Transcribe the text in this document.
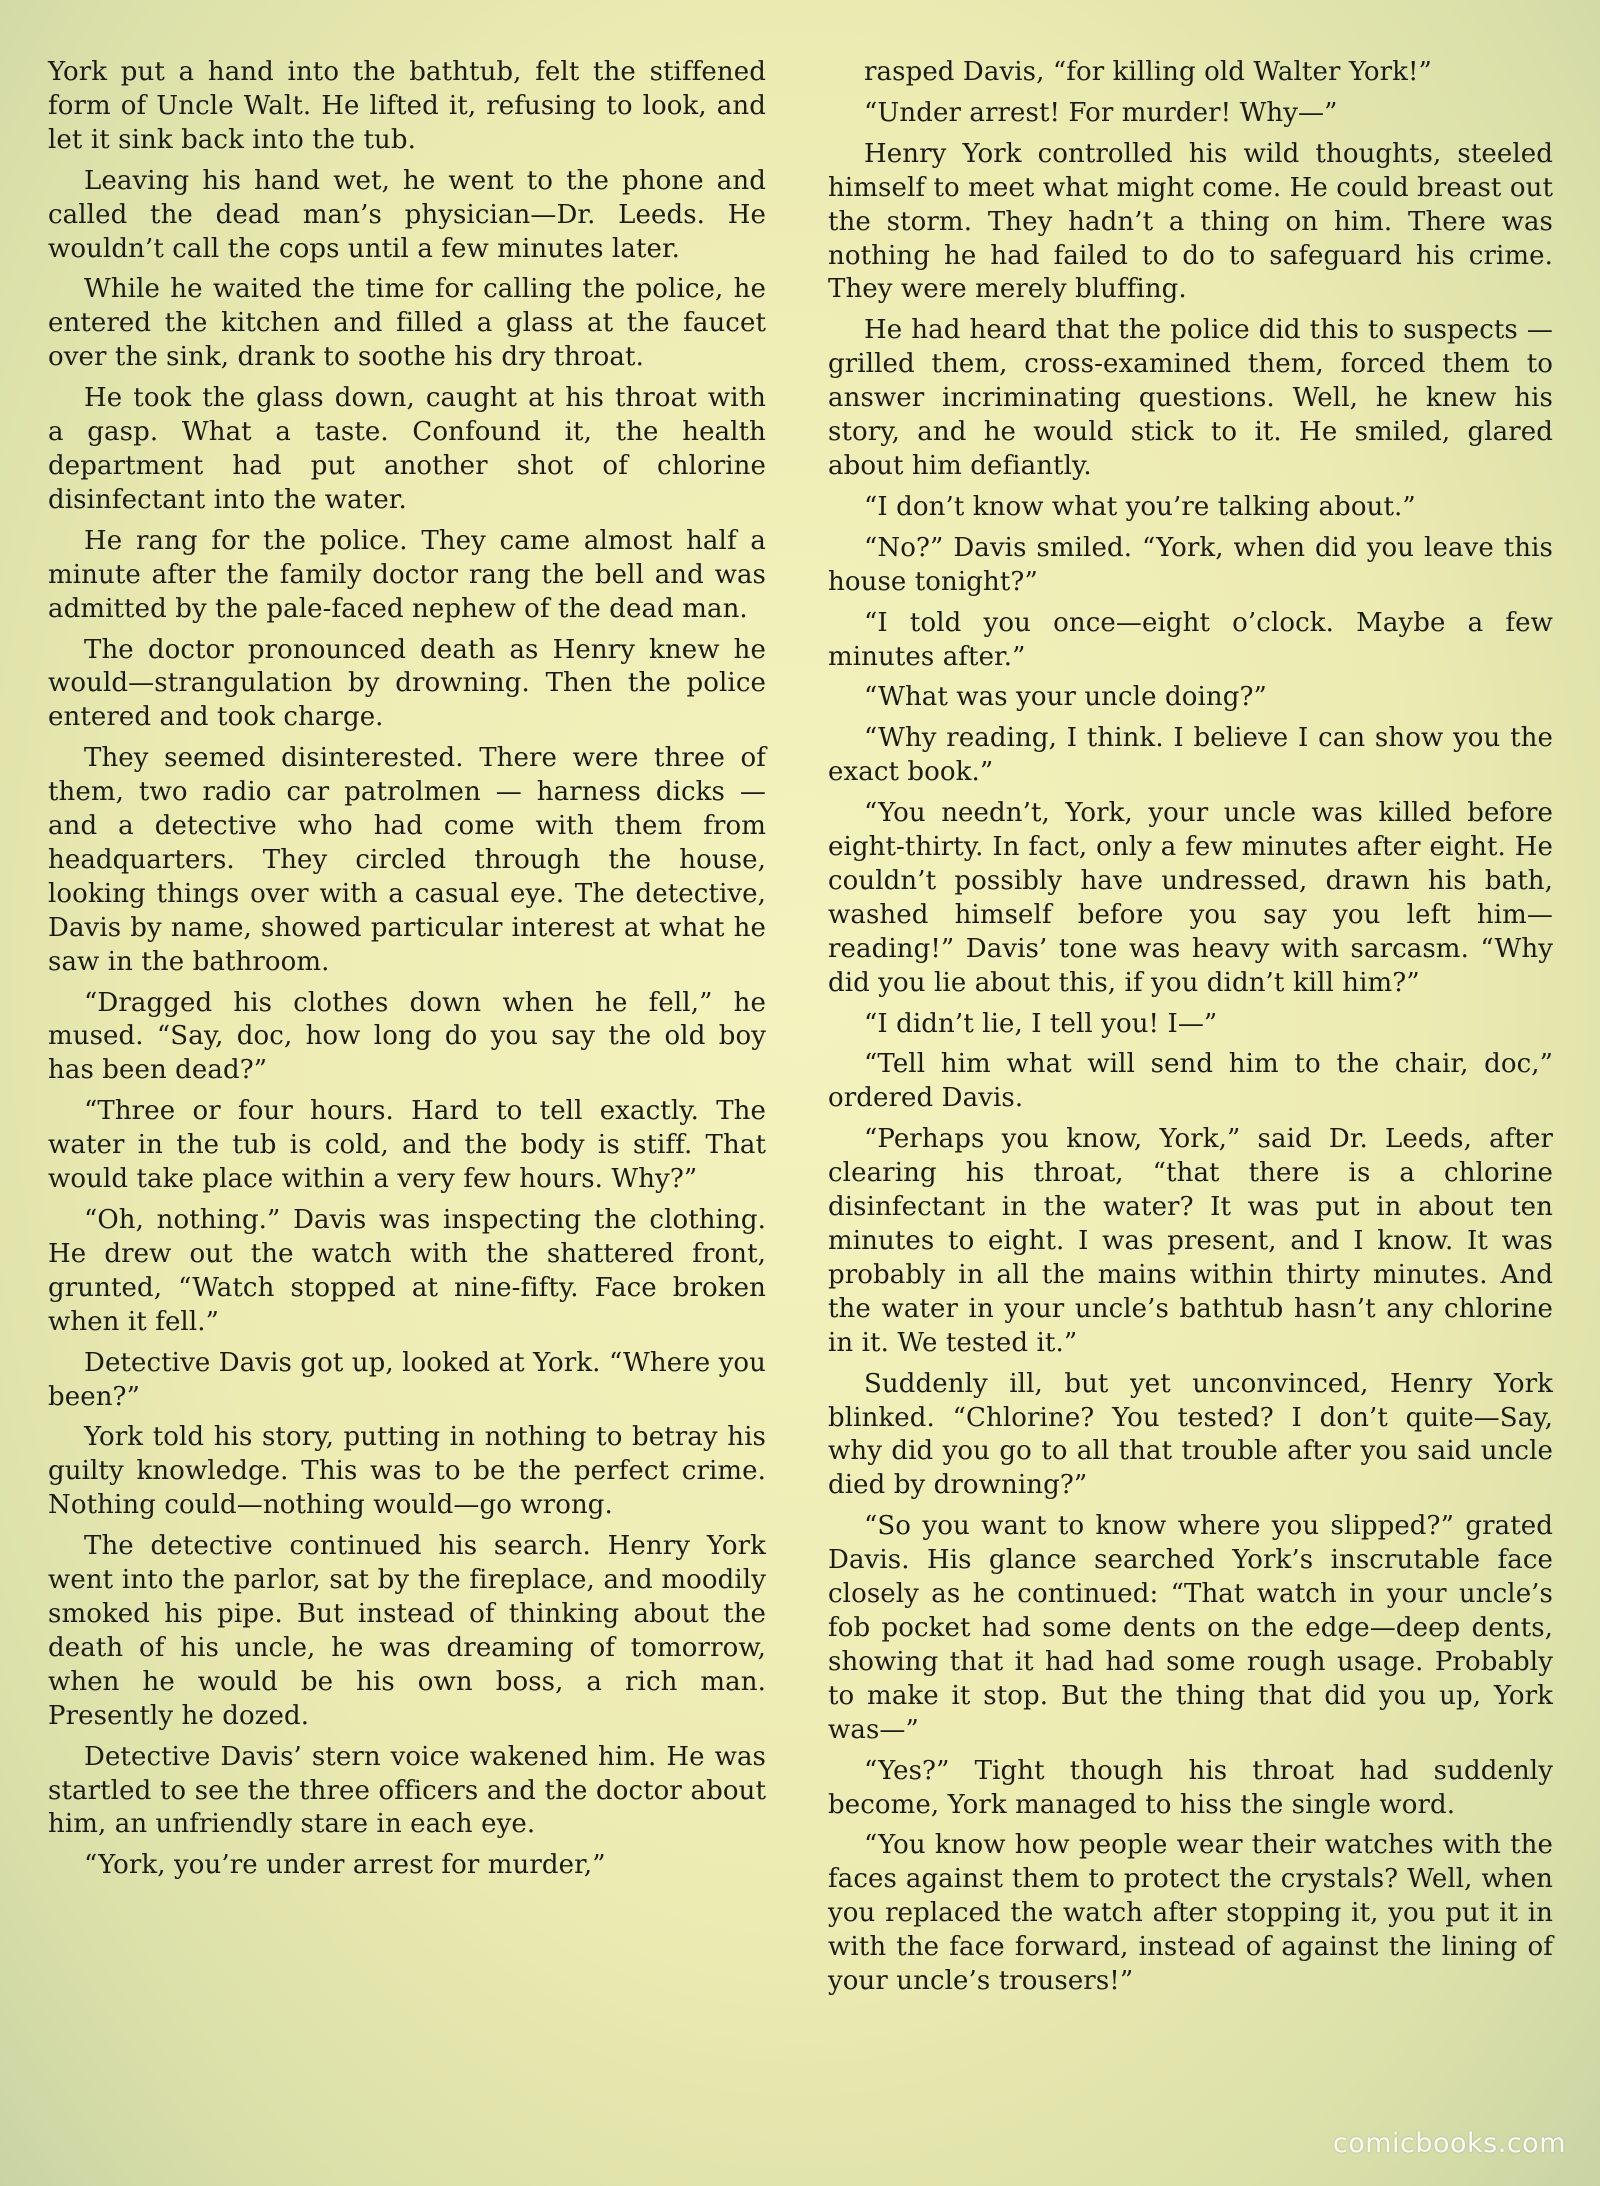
York put a hand into the bathtub, felt the stiffened form of Uncle Walt. He lifted it, refusing to look, and let it sink back into the tub.

Leaving his hand wet, he went to the phone and called the dead man’s physician—Dr. Leeds. He wouldn’t call the cops until a few minutes later.

While he waited the time for calling the police, he entered the kitchen and filled a glass at the faucet over the sink, drank to soothe his dry throat.

He took the glass down, caught at his throat with a gasp. What a taste. Confound it, the health department had put another shot of chlorine disinfectant into the water.

He rang for the police. They came almost half a minute after the family doctor rang the bell and was admitted by the pale-faced nephew of the dead man.

The doctor pronounced death as Henry knew he would—strangulation by drowning. Then the police entered and took charge.

They seemed disinterested. There were three of them, two radio car patrolmen — harness dicks — and a detective who had come with them from headquarters. They circled through the house, looking things over with a casual eye. The detective, Davis by name, showed particular interest at what he saw in the bathroom.

“Dragged his clothes down when he fell,” he mused. “Say, doc, how long do you say the old boy has been dead?”

“Three or four hours. Hard to tell exactly. The water in the tub is cold, and the body is stiff. That would take place within a very few hours. Why?”

“Oh, nothing.” Davis was inspecting the clothing. He drew out the watch with the shattered front, grunted, “Watch stopped at nine-fifty. Face broken when it fell.”

Detective Davis got up, looked at York. “Where you been?”

York told his story, putting in nothing to betray his guilty knowledge. This was to be the perfect crime. Nothing could—nothing would—go wrong.

The detective continued his search. Henry York went into the parlor, sat by the fireplace, and moodily smoked his pipe. But instead of thinking about the death of his uncle, he was dreaming of tomorrow, when he would be his own boss, a rich man. Presently he dozed.

Detective Davis’ stern voice wakened him. He was startled to see the three officers and the doctor about him, an unfriendly stare in each eye.

“York, you’re under arrest for murder,”

rasped Davis, “for killing old Walter York!”

“Under arrest! For murder! Why—”

Henry York controlled his wild thoughts, steeled himself to meet what might come. He could breast out the storm. They hadn’t a thing on him. There was nothing he had failed to do to safeguard his crime. They were merely bluffing.

He had heard that the police did this to suspects — grilled them, cross-examined them, forced them to answer incriminating questions. Well, he knew his story, and he would stick to it. He smiled, glared about him defiantly.

“I don’t know what you’re talking about.”

“No?” Davis smiled. “York, when did you leave this house tonight?”

“I told you once—eight o’clock. Maybe a few minutes after.”

“What was your uncle doing?”

“Why reading, I think. I believe I can show you the exact book.”

“You needn’t, York, your uncle was killed before eight-thirty. In fact, only a few minutes after eight. He couldn’t possibly have undressed, drawn his bath, washed himself before you say you left him—reading!” Davis’ tone was heavy with sarcasm. “Why did you lie about this, if you didn’t kill him?”

“I didn’t lie, I tell you! I—”

“Tell him what will send him to the chair, doc,” ordered Davis.

“Perhaps you know, York,” said Dr. Leeds, after clearing his throat, “that there is a chlorine disinfectant in the water? It was put in about ten minutes to eight. I was present, and I know. It was probably in all the mains within thirty minutes. And the water in your uncle’s bathtub hasn’t any chlorine in it. We tested it.”

Suddenly ill, but yet unconvinced, Henry York blinked. “Chlorine? You tested? I don’t quite—Say, why did you go to all that trouble after you said uncle died by drowning?”

“So you want to know where you slipped?” grated Davis. His glance searched York’s inscrutable face closely as he continued: “That watch in your uncle’s fob pocket had some dents on the edge—deep dents, showing that it had had some rough usage. Probably to make it stop. But the thing that did you up, York was—”

“Yes?” Tight though his throat had suddenly become, York managed to hiss the single word.

“You know how people wear their watches with the faces against them to protect the crystals? Well, when you replaced the watch after stopping it, you put it in with the face forward, instead of against the lining of your uncle’s trousers!”

comicbooks.com
